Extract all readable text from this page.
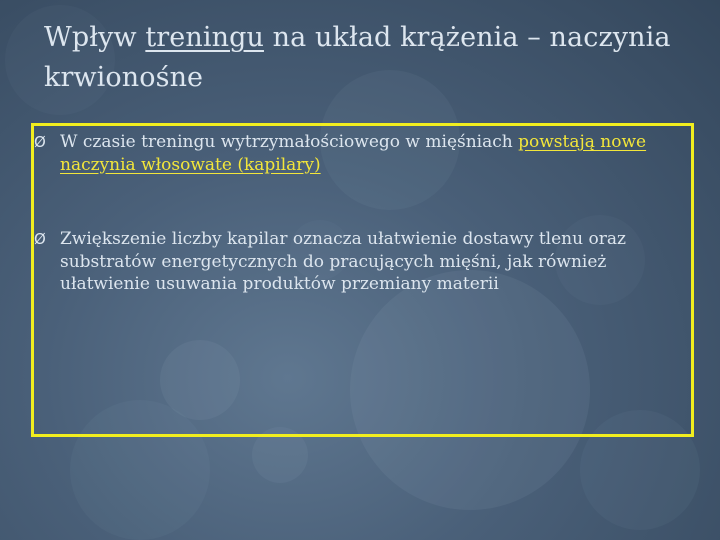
Wpływ treningu na układ krążenia – naczynia krwionośne
Ø W czasie treningu wytrzymałościowego w mięśniach powstają nowe naczynia włosowate (kapilary)
Ø Zwiększenie liczby kapilar oznacza ułatwienie dostawy tlenu oraz substratów energetycznych do pracujących mięśni, jak również ułatwienie usuwania produktów przemiany materii
